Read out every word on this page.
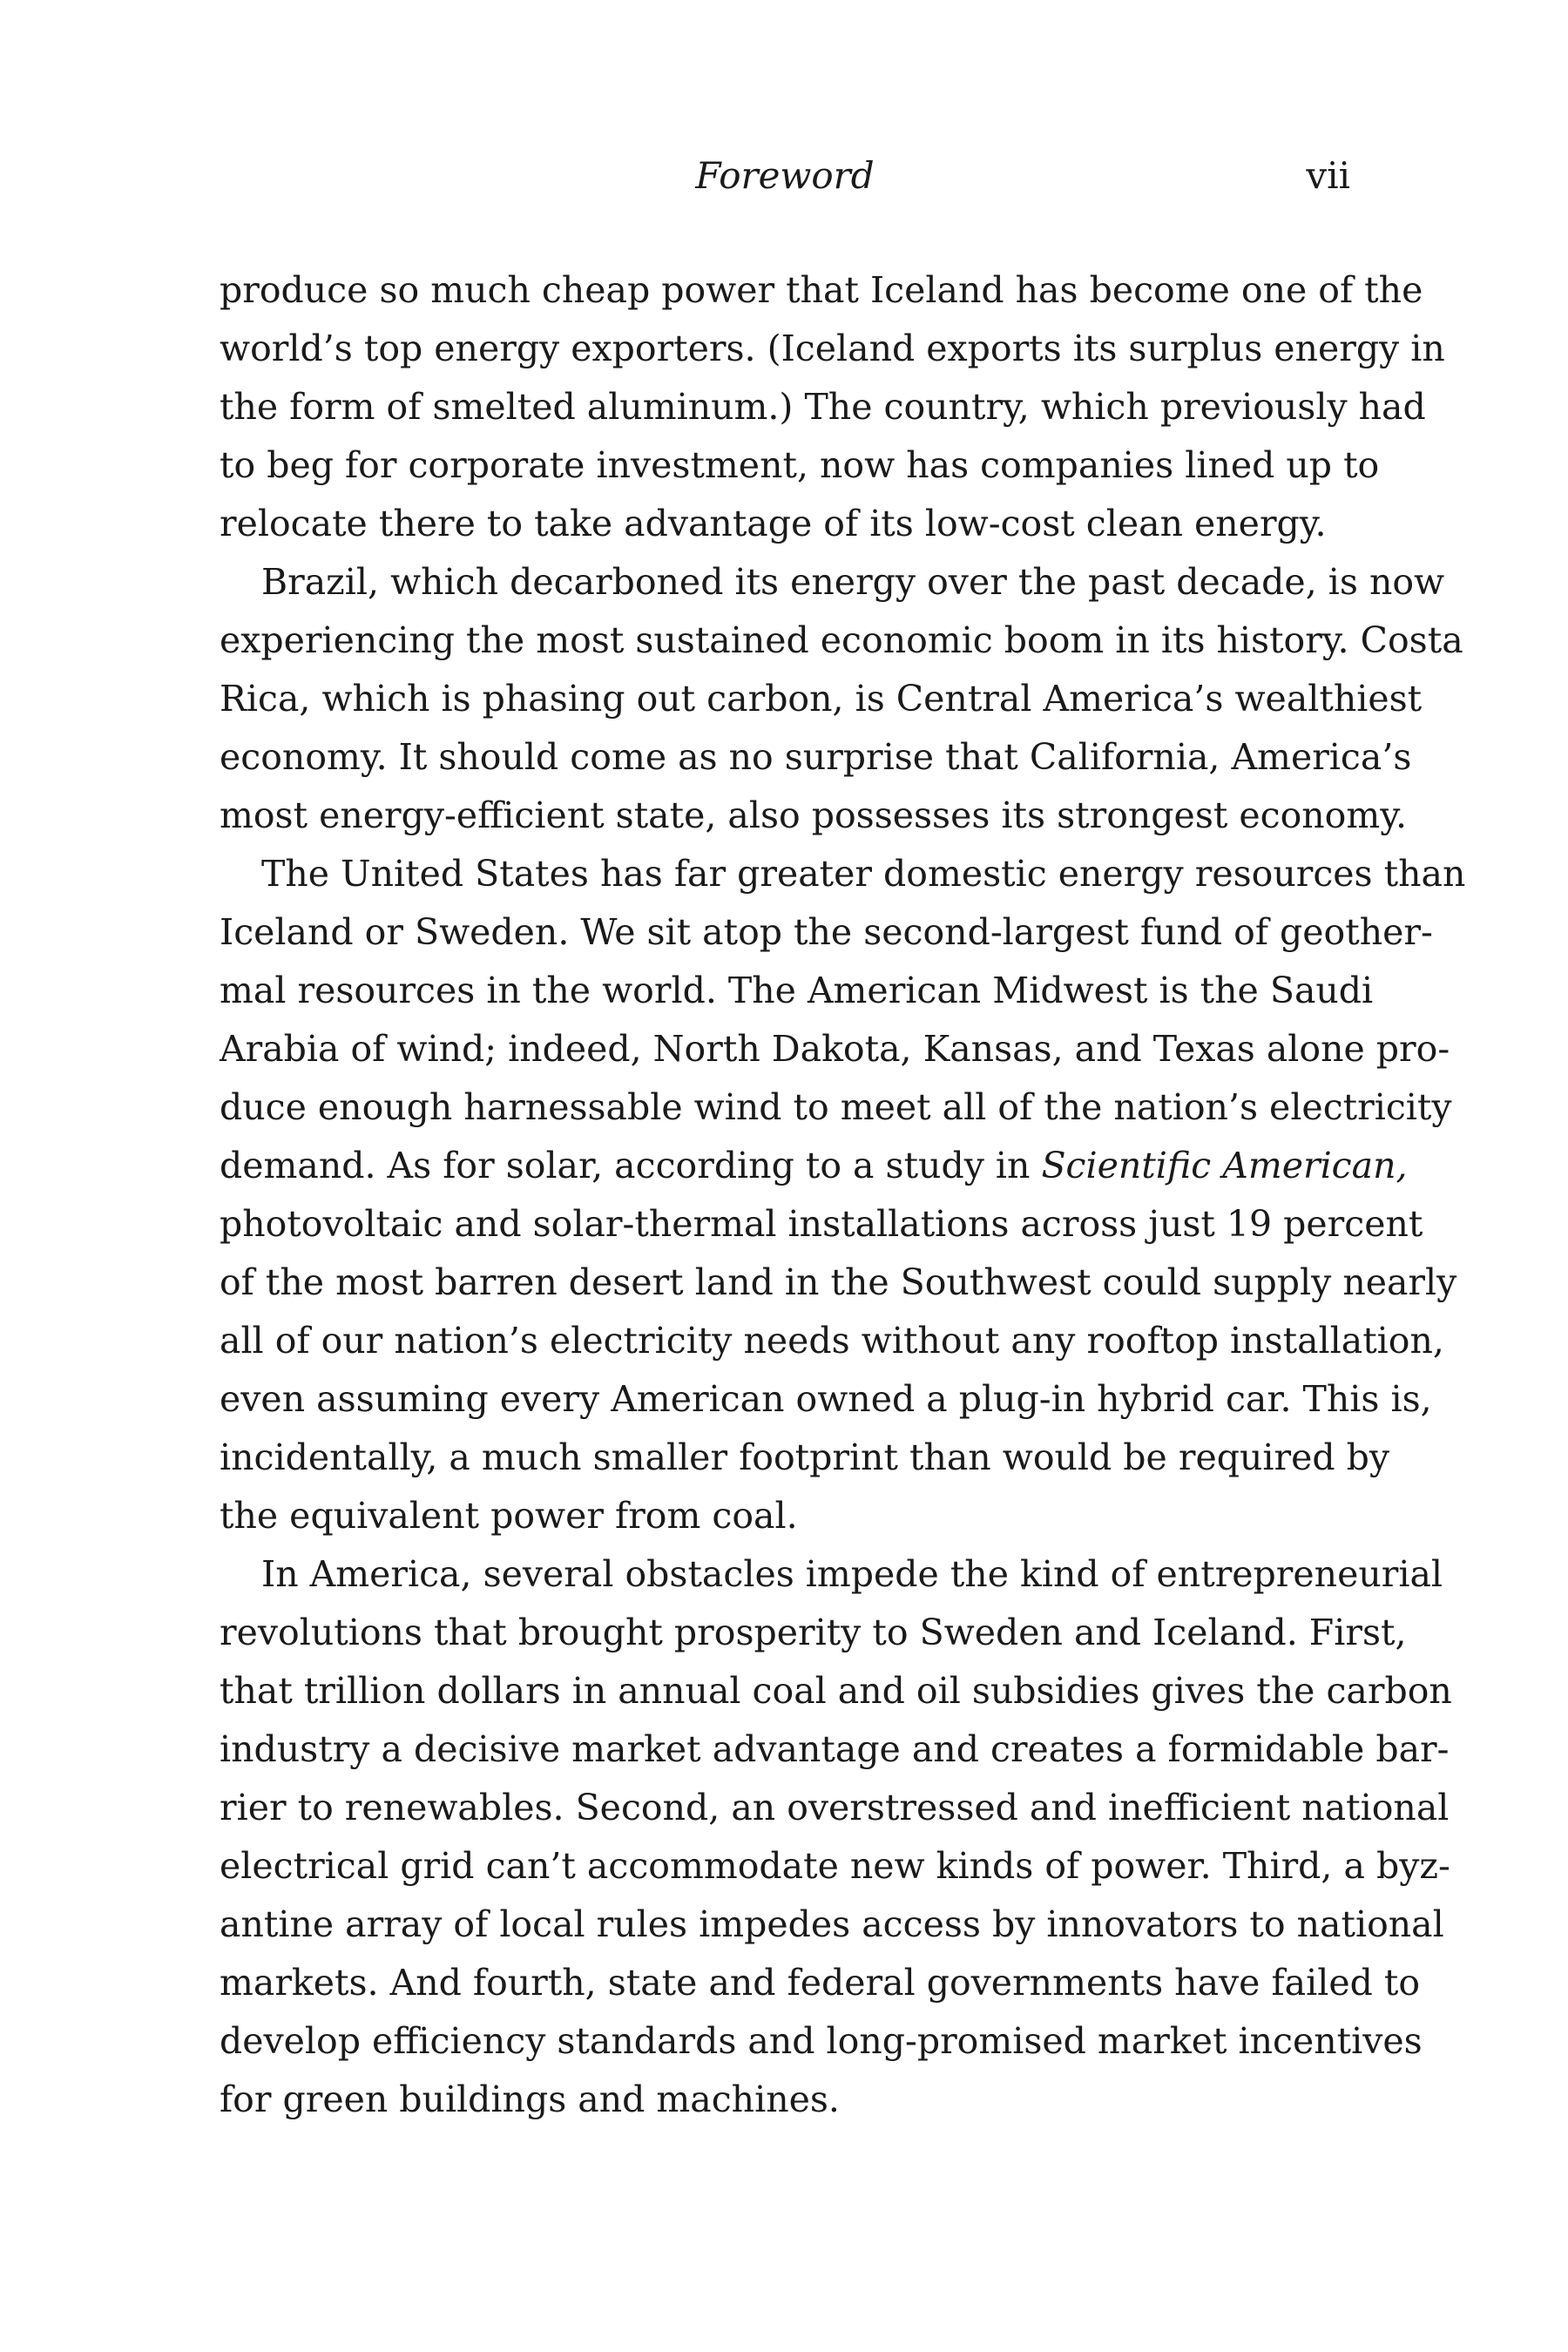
Foreword	vii
produce so much cheap power that Iceland has become one of the
world’s top energy exporters. (Iceland exports its surplus energy in
the form of smelted aluminum.) The country, which previously had
to beg for corporate investment, now has companies lined up to
relocate there to take advantage of its low-cost clean energy.
Brazil, which decarboned its energy over the past decade, is now
experiencing the most sustained economic boom in its history. Costa
Rica, which is phasing out carbon, is Central America’s wealthiest
economy. It should come as no surprise that California, America’s
most energy-efficient state, also possesses its strongest economy.
The United States has far greater domestic energy resources than
Iceland or Sweden. We sit atop the second-largest fund of geother-
mal resources in the world. The American Midwest is the Saudi
Arabia of wind; indeed, North Dakota, Kansas, and Texas alone pro-
duce enough harnessable wind to meet all of the nation’s electricity
demand. As for solar, according to a study in Scientific American,
photovoltaic and solar-thermal installations across just 19 percent
of the most barren desert land in the Southwest could supply nearly
all of our nation’s electricity needs without any rooftop installation,
even assuming every American owned a plug-in hybrid car. This is,
incidentally, a much smaller footprint than would be required by
the equivalent power from coal.
In America, several obstacles impede the kind of entrepreneurial
revolutions that brought prosperity to Sweden and Iceland. First,
that trillion dollars in annual coal and oil subsidies gives the carbon
industry a decisive market advantage and creates a formidable bar-
rier to renewables. Second, an overstressed and inefficient national
electrical grid can’t accommodate new kinds of power. Third, a byz-
antine array of local rules impedes access by innovators to national
markets. And fourth, state and federal governments have failed to
develop efficiency standards and long-promised market incentives
for green buildings and machines.
